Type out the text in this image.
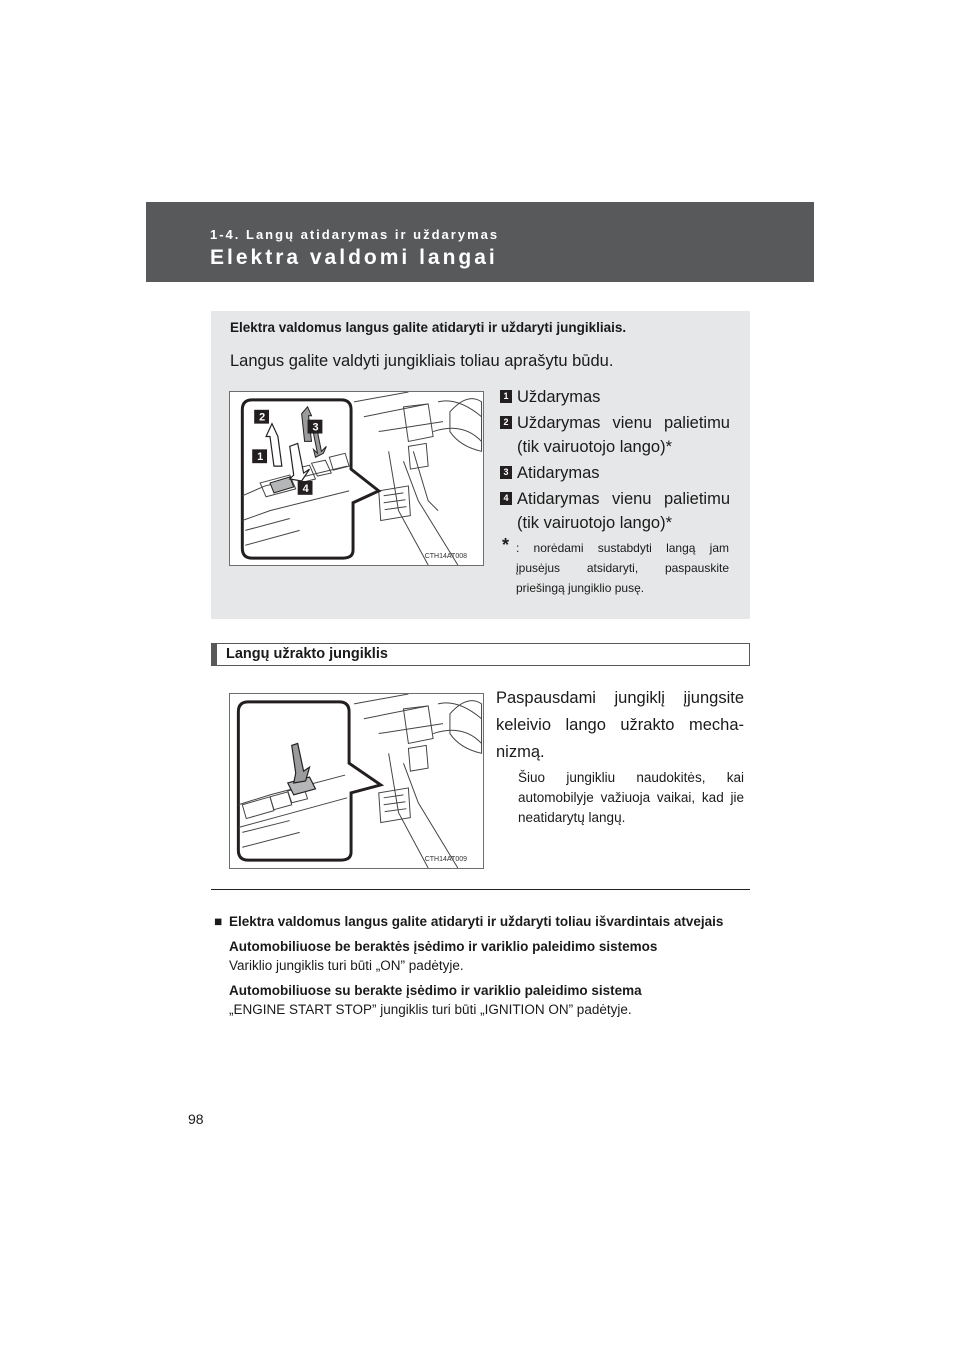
1-4. Langų atidarymas ir uždarymas
Elektra valdomi langai
Elektra valdomus langus galite atidaryti ir uždaryti jungikliais.
Langus galite valdyti jungikliais toliau aprašytu būdu.
1
2
3
4
CTH14AT008
1 Uždarymas
2 Uždarymas vienu palietimu (tik vairuotojo lango)*
3 Atidarymas
4 Atidarymas vienu palietimu (tik vairuotojo lango)*
* : norėdami sustabdyti langą jam įpusėjus atsidaryti, paspauskite priešingą jungiklio pusę.
Langų užrakto jungiklis
CTH14AT009
Paspausdami jungiklį įjungsite keleivio lango užrakto mecha-nizmą.
Šiuo jungikliu naudokitės, kai automobilyje važiuoja vaikai, kad jie neatidarytų langų.
■ Elektra valdomus langus galite atidaryti ir uždaryti toliau išvardintais atvejais
Automobiliuose be beraktės įsėdimo ir variklio paleidimo sistemos
Variklio jungiklis turi būti „ON” padėtyje.
Automobiliuose su berakte įsėdimo ir variklio paleidimo sistema
„ENGINE START STOP” jungiklis turi būti „IGNITION ON” padėtyje.
98
